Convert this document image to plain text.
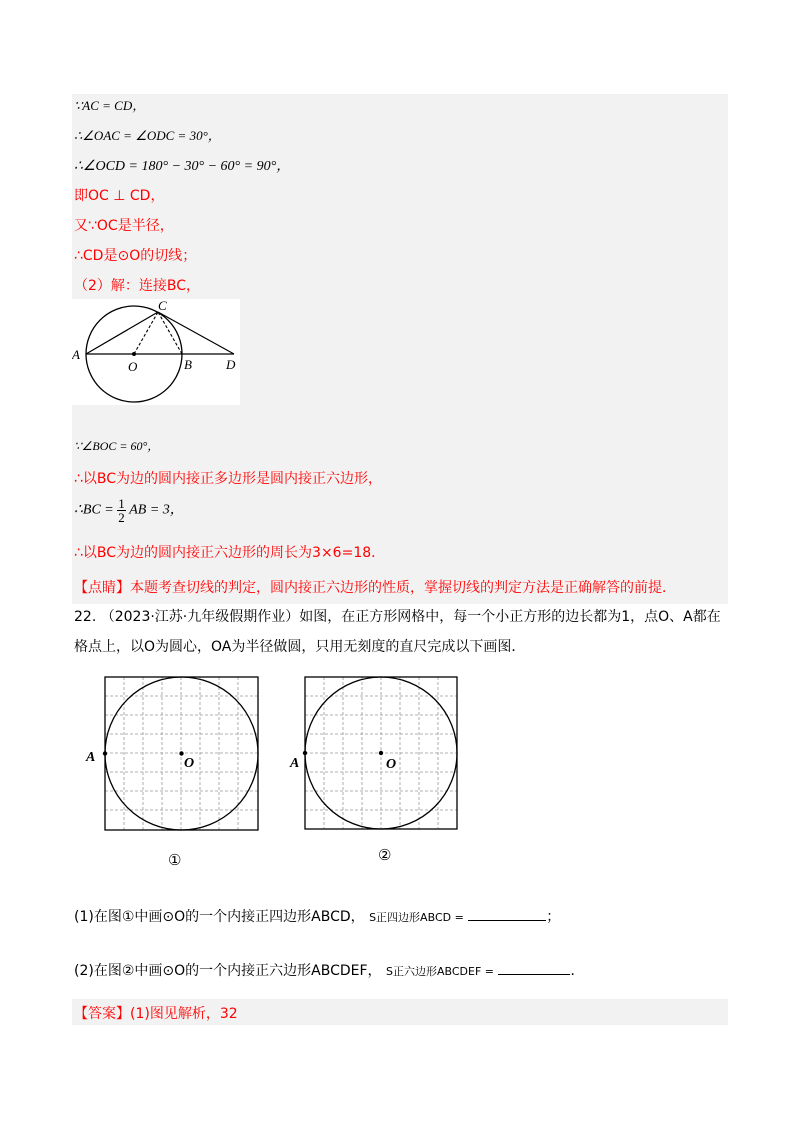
∵AC = CD，
∴∠OAC = ∠ODC = 30°，
∴∠OCD = 180° − 30° − 60° = 90°，
即OC ⊥ CD，
又∵OC是半径，
∴CD是⊙O的切线；
（2）解：连接BC，
A
O	B
C
D
∵∠BOC = 60°，
∴以BC为边的圆内接正多边形是圆内接正六边形，
∴BC = $\frac{1}{2}$ AB = 3，
∴以BC为边的圆内接正六边形的周长为3×6=18．
【点睛】本题考查切线的判定，圆内接正六边形的性质，掌握切线的判定方法是正确解答的前提．
22. （2023·江苏·九年级假期作业）如图，在正方形网格中，每一个小正方形的边长都为1，点O、A都在
格点上，以O为圆心，OA为半径做圆，只用无刻度的直尺完成以下画图．
A	O
①
A	O
②
(1)在图①中画⊙O的一个内接正四边形ABCD， S正四边形ABCD =	；
(2)在图②中画⊙O的一个内接正六边形ABCDEF， S正六边形ABCDEF =	．
【答案】(1)图见解析，32
